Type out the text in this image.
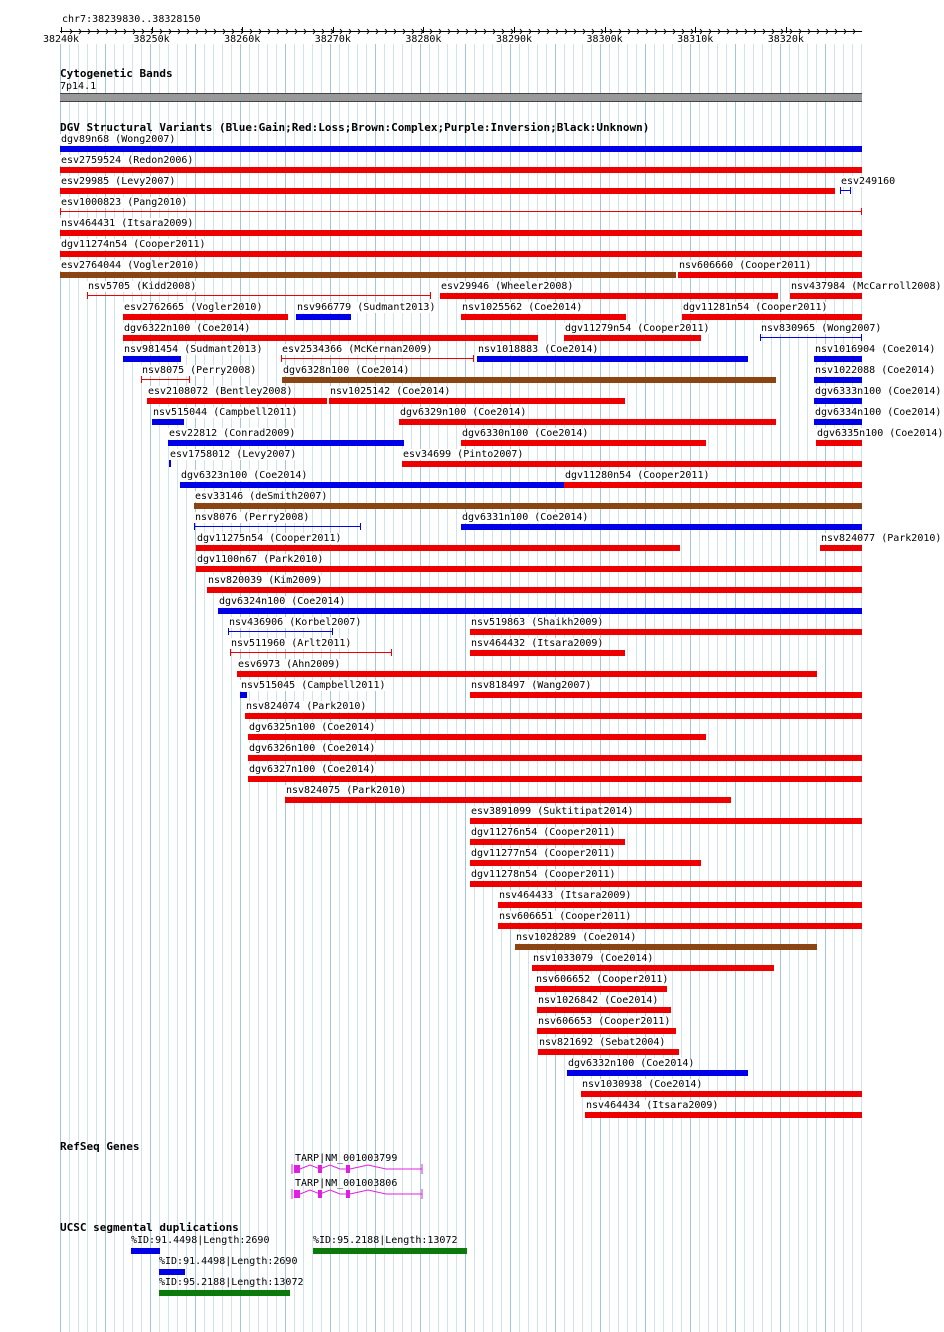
chr7:38239830..38328150
38240k	38250k	38260k	38270k	38280k	38290k	38300k	38310k	38320k
Cytogenetic Bands
7p14.1
DGV Structural Variants (Blue:Gain;Red:Loss;Brown:Complex;Purple:Inversion;Black:Unknown)
dgv89n68 (Wong2007)
esv2759524 (Redon2006)
esv29985 (Levy2007)	esv249160
esv1000823 (Pang2010)
nsv464431 (Itsara2009)
dgv11274n54 (Cooper2011)
esv2764044 (Vogler2010)	nsv606660 (Cooper2011)
nsv5705 (Kidd2008)	esv29946 (Wheeler2008)	nsv437984 (McCarroll2008)
esv2762665 (Vogler2010)	nsv966779 (Sudmant2013)	nsv1025562 (Coe2014)	dgv11281n54 (Cooper2011)
dgv6322n100 (Coe2014)	dgv11279n54 (Cooper2011)	nsv830965 (Wong2007)
nsv981454 (Sudmant2013) esv2534366 (McKernan2009)	nsv1018883 (Coe2014)	nsv1016904 (Coe2014)
nsv8075 (Perry2008)	dgv6328n100 (Coe2014)	nsv1022088 (Coe2014)
esv2108072 (Bentley2008)	nsv1025142 (Coe2014)	dgv6333n100 (Coe2014)
nsv515044 (Campbell2011)	dgv6329n100 (Coe2014)	dgv6334n100 (Coe2014)
esv22812 (Conrad2009)	dgv6330n100 (Coe2014)	dgv6335n100 (Coe2014)
esv1758012 (Levy2007)	esv34699 (Pinto2007)
dgv6323n100 (Coe2014)	dgv11280n54 (Cooper2011)
esv33146 (deSmith2007)
nsv8076 (Perry2008)	dgv6331n100 (Coe2014)
dgv11275n54 (Cooper2011)	nsv824077 (Park2010)
dgv1100n67 (Park2010)
nsv820039 (Kim2009)
dgv6324n100 (Coe2014)
nsv436906 (Korbel2007)	nsv519863 (Shaikh2009)
nsv511960 (Arlt2011)	nsv464432 (Itsara2009)
esv6973 (Ahn2009)
nsv515045 (Campbell2011)	nsv818497 (Wang2007)
nsv824074 (Park2010)
dgv6325n100 (Coe2014)
dgv6326n100 (Coe2014)
dgv6327n100 (Coe2014)
nsv824075 (Park2010)
esv3891099 (Suktitipat2014)
dgv11276n54 (Cooper2011)
dgv11277n54 (Cooper2011)
dgv11278n54 (Cooper2011)
nsv464433 (Itsara2009)
nsv606651 (Cooper2011)
nsv1028289 (Coe2014)
nsv1033079 (Coe2014)
nsv606652 (Cooper2011)
nsv1026842 (Coe2014)
nsv606653 (Cooper2011)
nsv821692 (Sebat2004)
dgv6332n100 (Coe2014)
nsv1030938 (Coe2014)
nsv464434 (Itsara2009)
RefSeq Genes
TARP|NM_001003799
TARP|NM_001003806
UCSC segmental duplications
%ID:91.4498|Length:2690	%ID:95.2188|Length:13072
%ID:91.4498|Length:2690
%ID:95.2188|Length:13072
